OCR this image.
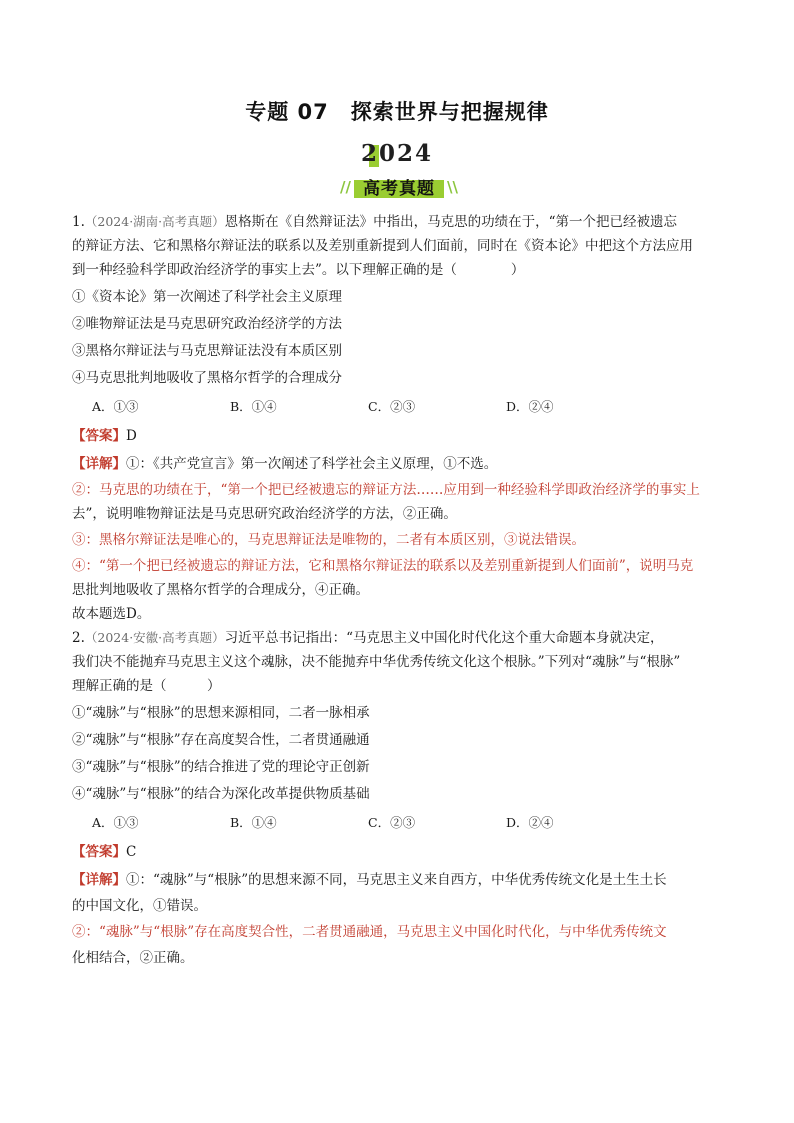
专题 07　探索世界与把握规律
2024
//	\\
高考真题

1.（2024·湖南·高考真题）恩格斯在《自然辩证法》中指出，马克思的功绩在于，“第一个把已经被遗忘

的辩证方法、它和黑格尔辩证法的联系以及差别重新提到人们面前，同时在《资本论》中把这个方法应用

到一种经验科学即政治经济学的事实上去”。以下理解正确的是（　　　　）

①《资本论》第一次阐述了科学社会主义原理

②唯物辩证法是马克思研究政治经济学的方法

③黑格尔辩证法与马克思辩证法没有本质区别

④马克思批判地吸收了黑格尔哲学的合理成分

A．①③	B．①④	C．②③	D．②④

【答案】D

【详解】①：《共产党宣言》第一次阐述了科学社会主义原理，①不选。

②：马克思的功绩在于，“第一个把已经被遗忘的辩证方法……应用到一种经验科学即政治经济学的事实上

去”，说明唯物辩证法是马克思研究政治经济学的方法，②正确。

③：黑格尔辩证法是唯心的，马克思辩证法是唯物的，二者有本质区别，③说法错误。

④：“第一个把已经被遗忘的辩证方法，它和黑格尔辩证法的联系以及差别重新提到人们面前”，说明马克

思批判地吸收了黑格尔哲学的合理成分，④正确。

故本题选D。

2.（2024·安徽·高考真题）习近平总书记指出：“马克思主义中国化时代化这个重大命题本身就决定，

我们决不能抛弃马克思主义这个魂脉，决不能抛弃中华优秀传统文化这个根脉。”下列对“魂脉”与“根脉”

理解正确的是（　　　）

①“魂脉”与“根脉”的思想来源相同，二者一脉相承

②“魂脉”与“根脉”存在高度契合性，二者贯通融通

③“魂脉”与“根脉”的结合推进了党的理论守正创新

④“魂脉”与“根脉”的结合为深化改革提供物质基础

A．①③	B．①④	C．②③	D．②④

【答案】C

【详解】①：“魂脉”与“根脉”的思想来源不同，马克思主义来自西方，中华优秀传统文化是土生土长

的中国文化，①错误。

②：“魂脉”与“根脉”存在高度契合性，二者贯通融通，马克思主义中国化时代化，与中华优秀传统文

化相结合，②正确。
